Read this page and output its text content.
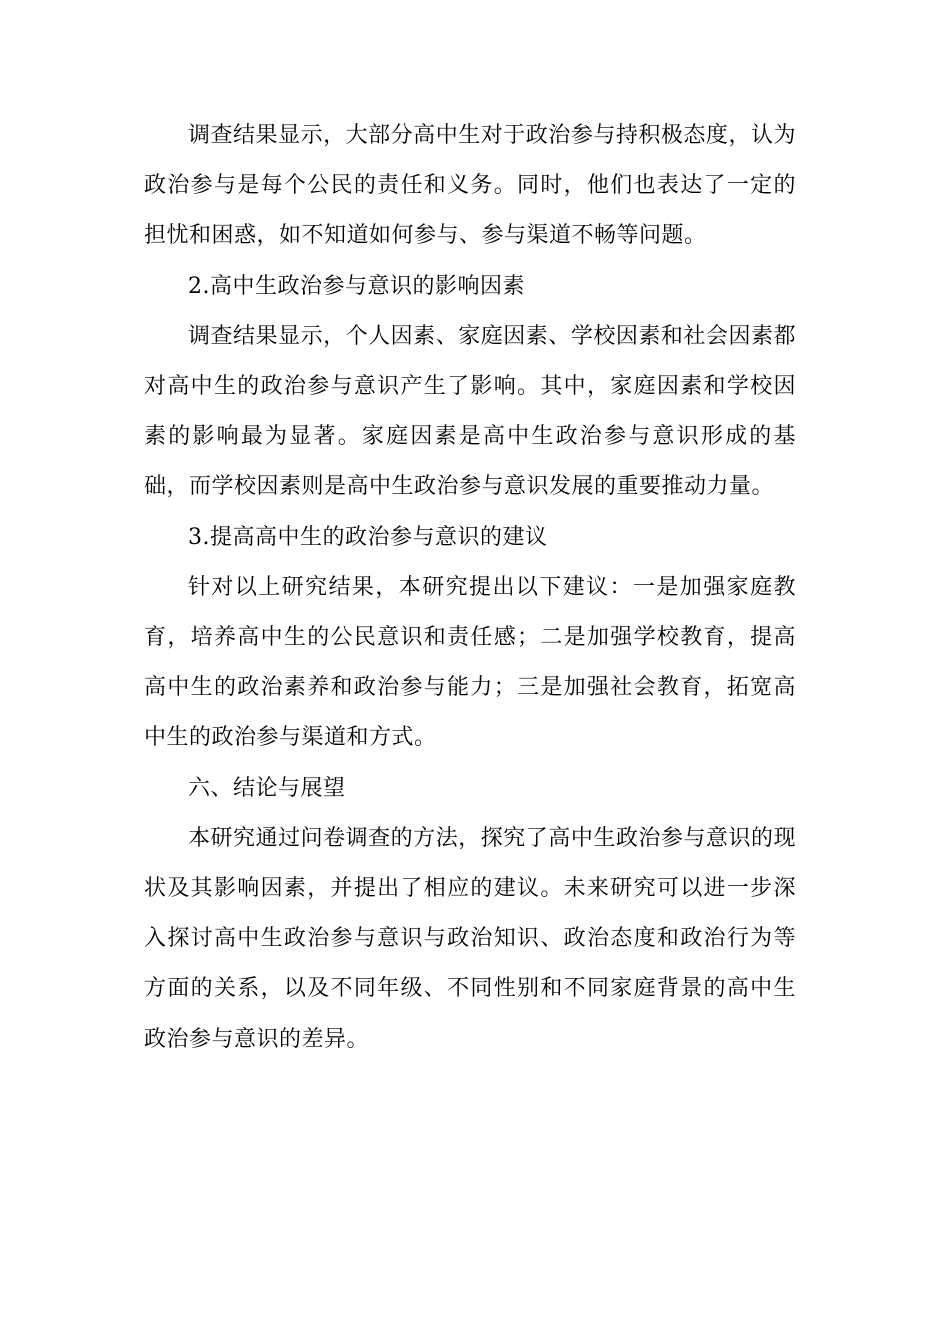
调查结果显示，大部分高中生对于政治参与持积极态度，认为政治参与是每个公民的责任和义务。同时，他们也表达了一定的担忧和困惑，如不知道如何参与、参与渠道不畅等问题。

2.高中生政治参与意识的影响因素

调查结果显示，个人因素、家庭因素、学校因素和社会因素都对高中生的政治参与意识产生了影响。其中，家庭因素和学校因素的影响最为显著。家庭因素是高中生政治参与意识形成的基础，而学校因素则是高中生政治参与意识发展的重要推动力量。

3.提高高中生的政治参与意识的建议

针对以上研究结果，本研究提出以下建议：一是加强家庭教育，培养高中生的公民意识和责任感；二是加强学校教育，提高高中生的政治素养和政治参与能力；三是加强社会教育，拓宽高中生的政治参与渠道和方式。

六、结论与展望

本研究通过问卷调查的方法，探究了高中生政治参与意识的现状及其影响因素，并提出了相应的建议。未来研究可以进一步深入探讨高中生政治参与意识与政治知识、政治态度和政治行为等方面的关系，以及不同年级、不同性别和不同家庭背景的高中生政治参与意识的差异。
